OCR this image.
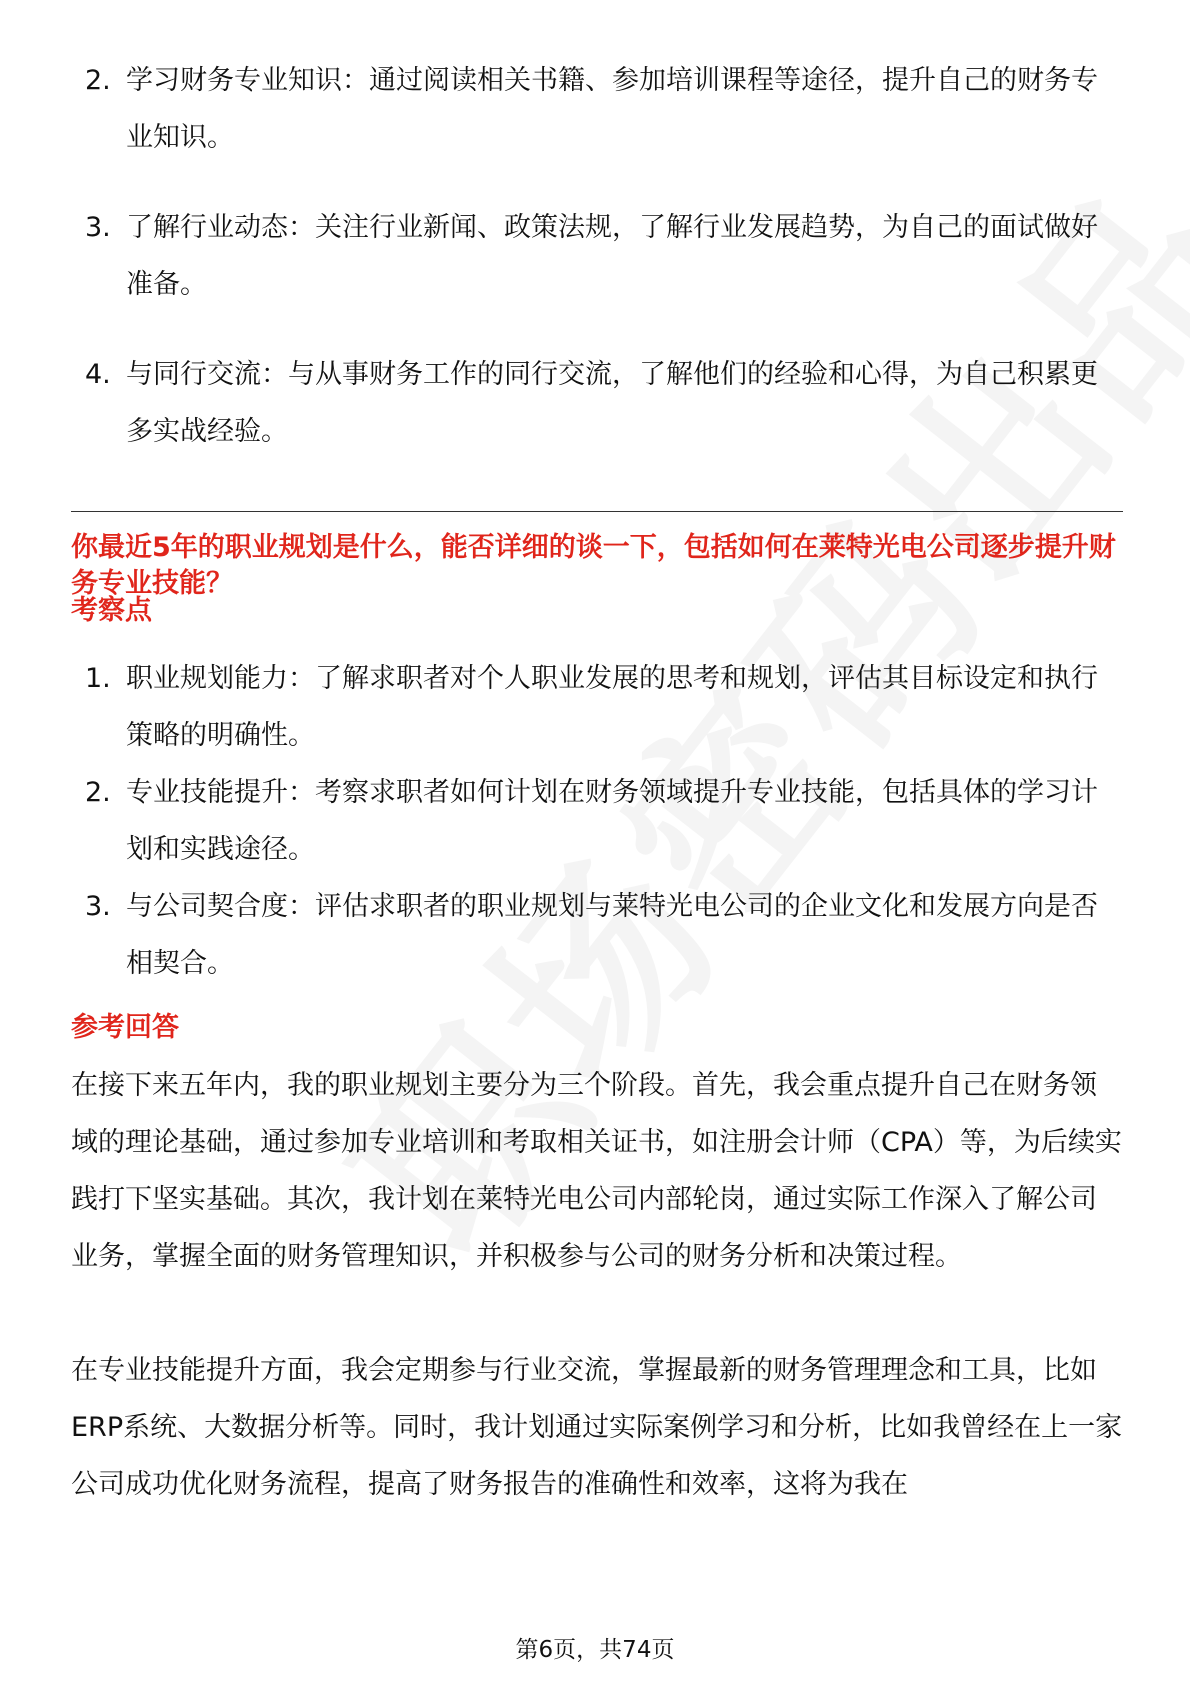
2. 学习财务专业知识：通过阅读相关书籍、参加培训课程等途径，提升自己的财务专业知识。
3. 了解行业动态：关注行业新闻、政策法规，了解行业发展趋势，为自己的面试做好准备。
4. 与同行交流：与从事财务工作的同行交流，了解他们的经验和心得，为自己积累更多实战经验。
你最近5年的职业规划是什么，能否详细的谈一下，包括如何在莱特光电公司逐步提升财务专业技能？
考察点
1. 职业规划能力：了解求职者对个人职业发展的思考和规划，评估其目标设定和执行策略的明确性。
2. 专业技能提升：考察求职者如何计划在财务领域提升专业技能，包括具体的学习计划和实践途径。
3. 与公司契合度：评估求职者的职业规划与莱特光电公司的企业文化和发展方向是否相契合。
参考回答

在接下来五年内，我的职业规划主要分为三个阶段。首先，我会重点提升自己在财务领域的理论基础，通过参加专业培训和考取相关证书，如注册会计师（CPA）等，为后续实践打下坚实基础。其次，我计划在莱特光电公司内部轮岗，通过实际工作深入了解公司业务，掌握全面的财务管理知识，并积极参与公司的财务分析和决策过程。

在专业技能提升方面，我会定期参与行业交流，掌握最新的财务管理理念和工具，比如ERP系统、大数据分析等。同时，我计划通过实际案例学习和分析，比如我曾经在上一家公司成功优化财务流程，提高了财务报告的准确性和效率，这将为我在

第6页，共74页
